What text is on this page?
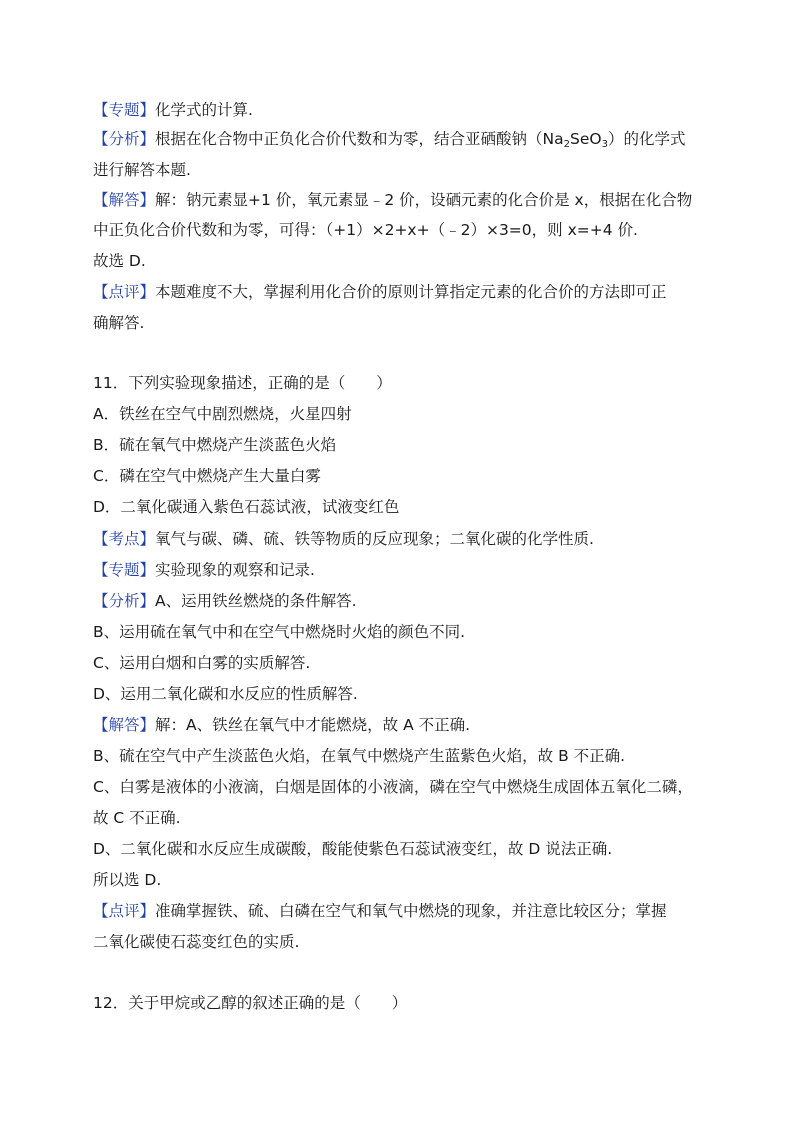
【 专题 】 化学式的计算.
【 分析 】 根据在化合物中正负化合价代数和为零，结合亚硒酸钠$(Na_2SeO_3)$的化学式
进行解答本题.
【 解答 】 解：钠元素显+1 价，氧元素显﹣2 价，设硒元素的化合价是 x，根据在化合物
中正负化合价代数和为零，可得：（+1）×2+x+（﹣2）×3=0，则 x=+4 价.
故选 D.
【 点评 】 本题难度不大，掌握利用化合价的原则计算指定元素的化合价的方法即可正
确解答.
11．下列实验现象描述，正确的是（　　）
A．铁丝在空气中剧烈燃烧，火星四射
B．硫在氧气中燃烧产生淡蓝色火焰
C．磷在空气中燃烧产生大量白雾
D．二氧化碳通入紫色石蕊试液，试液变红色
【 考点 】 氧气与碳、磷、硫、铁等物质的反应现象；二氧化碳的化学性质.
【 专题 】 实验现象的观察和记录.
【 分析 】 A、运用铁丝燃烧的条件解答.
B、运用硫在氧气中和在空气中燃烧时火焰的颜色不同.
C、运用白烟和白雾的实质解答.
D、运用二氧化碳和水反应的性质解答.
【 解答 】 解：A、铁丝在氧气中才能燃烧，故 A 不正确.
B、硫在空气中产生淡蓝色火焰，在氧气中燃烧产生蓝紫色火焰，故 B 不正确.
C、白雾是液体的小液滴，白烟是固体的小液滴，磷在空气中燃烧生成固体五氧化二磷，
故 C 不正确.
D、二氧化碳和水反应生成碳酸，酸能使紫色石蕊试液变红，故 D 说法正确.
所以选 D.
【 点评 】 准确掌握铁、硫、白磷在空气和氧气中燃烧的现象，并注意比较区分；掌握
二氧化碳使石蕊变红色的实质.
12．关于甲烷或乙醇的叙述正确的是（　　）
